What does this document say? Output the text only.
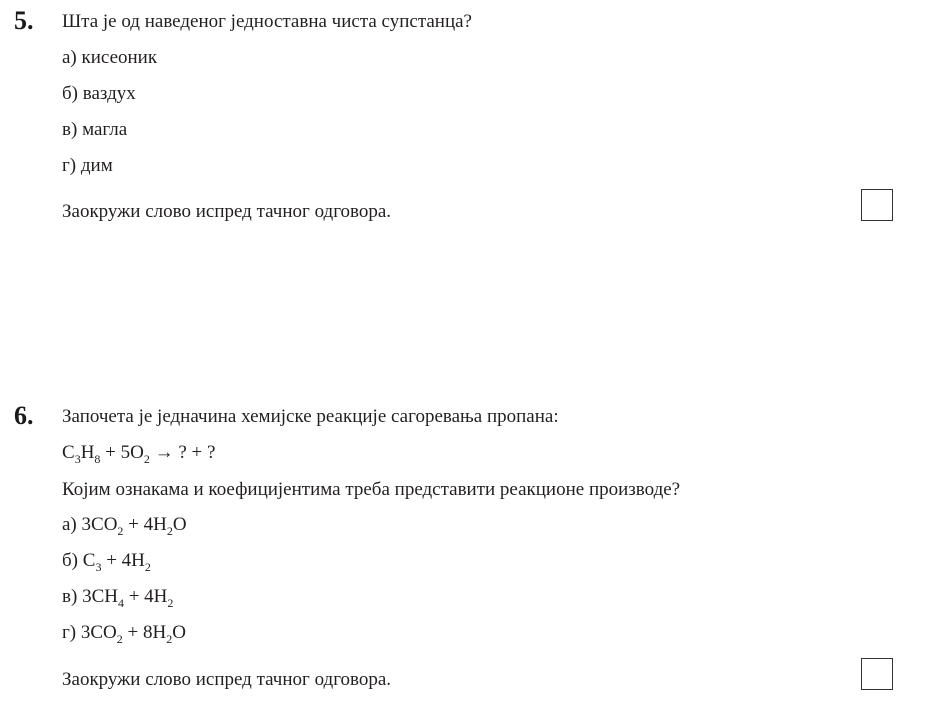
5. Шта је од наведеног једноставна чиста супстанца?
а) кисеоник
б) ваздух
в) магла
г) дим
Заокружи слово испред тачног одговора.
6. Започета је једначина хемијске реакције сагоревања пропана:
$C_3H_8 + 5O_2$ → ? + ?
Којим ознакама и коефицијентима треба представити реакционе производе?
а) $3CO_2 + 4H_2O$
б) $C_3 + 4H_2$
в) $3CH_4 + 4H_2$
г) $3CO_2 + 8H_2O$
Заокружи слово испред тачног одговора.
